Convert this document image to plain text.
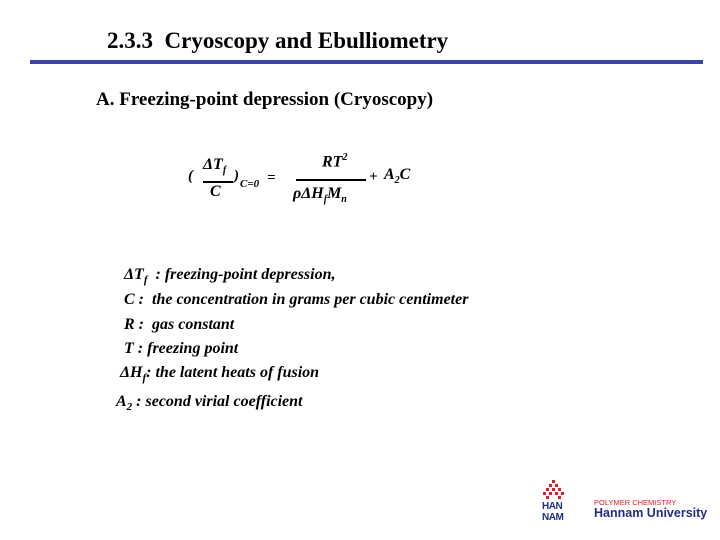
2.3.3  Cryoscopy and Ebulliometry
A. Freezing-point depression (Cryoscopy)
(
$\Delta T_f$
C
) C=0 =
$RT^2$
$\rho\Delta H_fM_n$
+ $A_2C$
$\Delta T_f$  : freezing-point depression,
C :  the concentration in grams per cubic centimeter
R :  gas constant
T : freezing point
$\Delta H_f$: the latent heats of fusion
$A_2$ : second virial coefficient
HAN
NAM
POLYMER CHEMISTRY
Hannam University
